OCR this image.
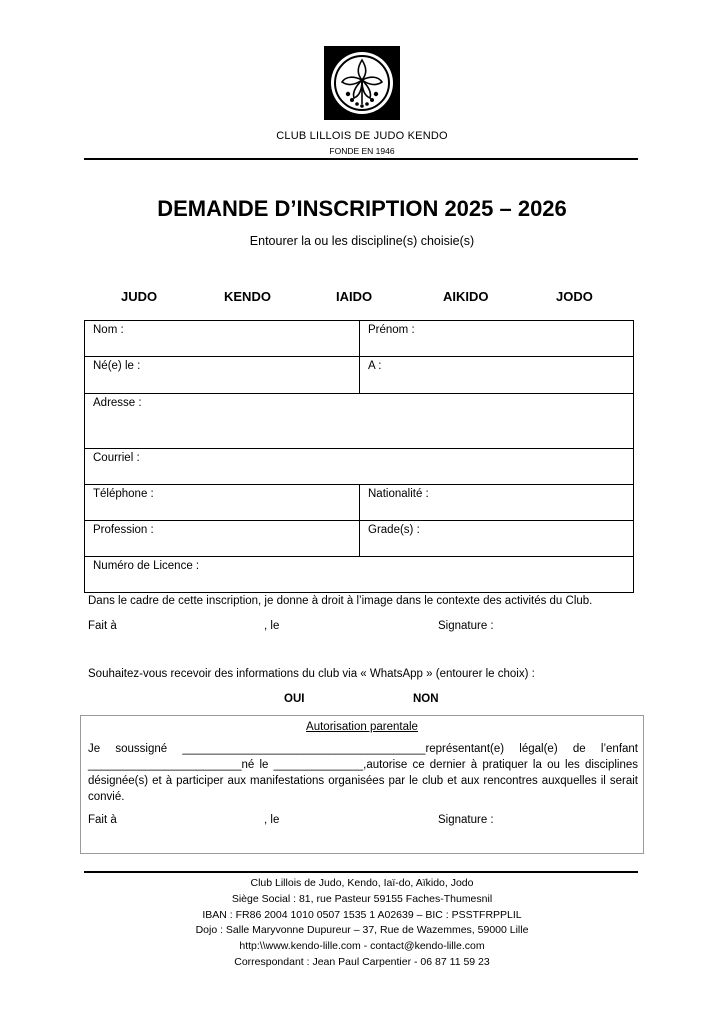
CLUB LILLOIS DE JUDO KENDO
FONDE EN 1946
DEMANDE D’INSCRIPTION 2025 – 2026
Entourer la ou les discipline(s) choisie(s)
JUDO	KENDO	IAIDO	AIKIDO	JODO
Nom :	Prénom :
Né(e) le :	A :
Adresse :	
Courriel :	
Téléphone :	Nationalité :
Profession :	Grade(s) :
Numéro de Licence :	
Dans le cadre de cette inscription, je donne à droit à l’image dans le contexte des activités du Club.
Fait à	, le	Signature :
Souhaitez-vous recevoir des informations du club via « WhatsApp » (entourer le choix) :
OUI	NON
Autorisation parentale
Je soussigné ______________________________________représentant(e) légal(e) de l’enfant ________________________né le ______________,autorise ce dernier à pratiquer la ou les disciplines désignée(s) et à participer aux manifestations organisées par le club et aux rencontres auxquelles il serait convié.
Fait à	, le	Signature :
Club Lillois de Judo, Kendo, Iaï-do, Aïkido, Jodo
Siège Social : 81, rue Pasteur 59155 Faches-Thumesnil
IBAN : FR86 2004 1010 0507 1535 1 A02639 – BIC : PSSTFRPPLIL
Dojo : Salle Maryvonne Dupureur – 37, Rue de Wazemmes, 59000 Lille
http:\\www.kendo-lille.com - contact@kendo-lille.com
Correspondant : Jean Paul Carpentier - 06 87 11 59 23
